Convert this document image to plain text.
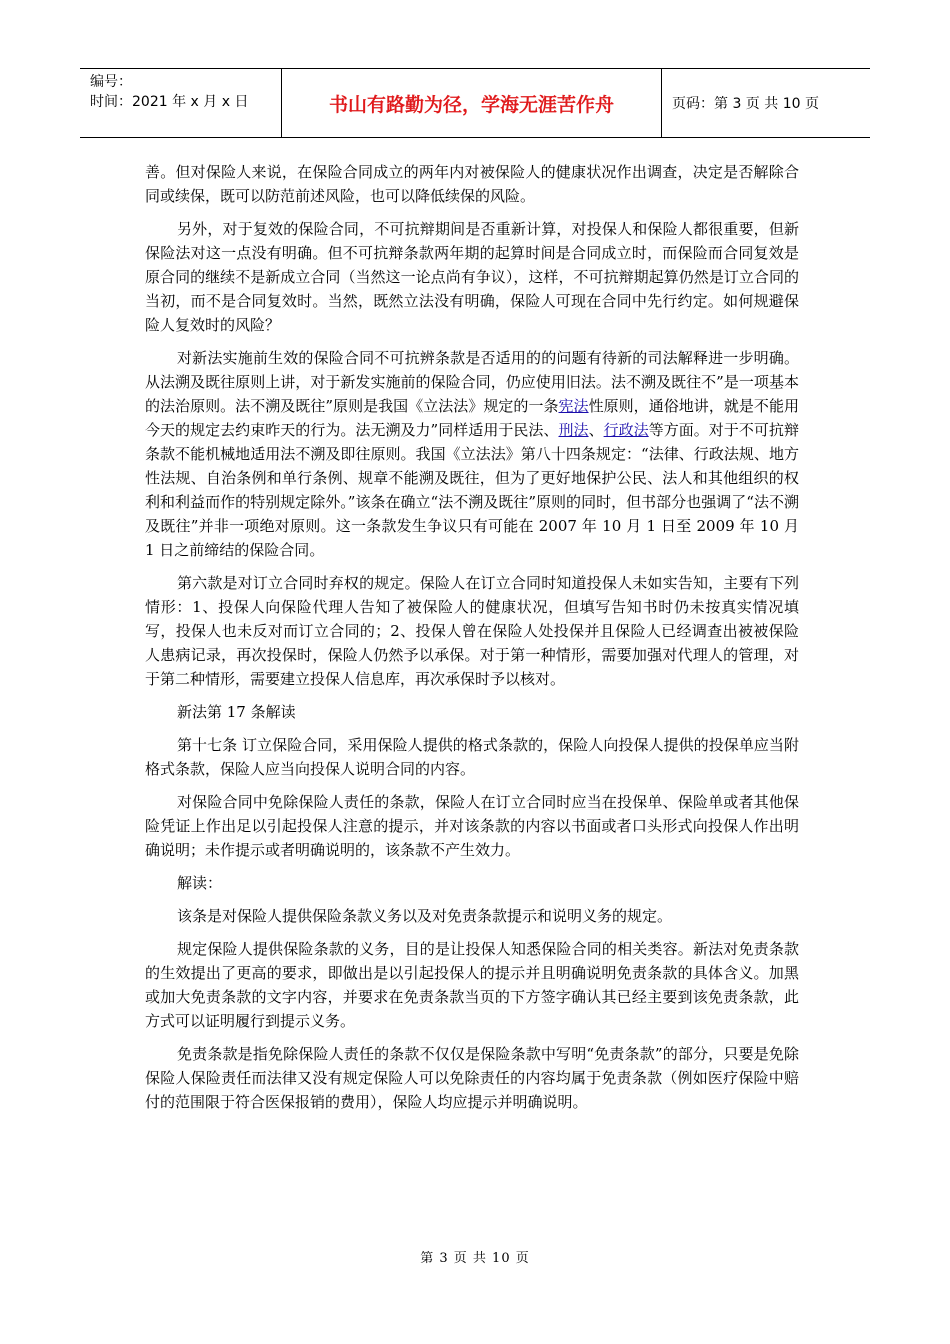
编号：
时间：2021 年 x 月 x 日	书山有路勤为径，学海无涯苦作舟	页码：第 3 页 共 10 页

善。但对保险人来说，在保险合同成立的两年内对被保险人的健康状况作出调查，决定是否解除合同或续保，既可以防范前述风险，也可以降低续保的风险。

另外，对于复效的保险合同，不可抗辩期间是否重新计算，对投保人和保险人都很重要，但新保险法对这一点没有明确。但不可抗辩条款两年期的起算时间是合同成立时，而保险而合同复效是原合同的继续不是新成立合同（当然这一论点尚有争议），这样，不可抗辩期起算仍然是订立合同的当初，而不是合同复效时。当然，既然立法没有明确，保险人可现在合同中先行约定。如何规避保险人复效时的风险？

对新法实施前生效的保险合同不可抗辨条款是否适用的的问题有待新的司法解释进一步明确。从法溯及既往原则上讲，对于新发实施前的保险合同，仍应使用旧法。法不溯及既往不”是一项基本的法治原则。法不溯及既往”原则是我国《立法法》规定的一条宪法性原则，通俗地讲，就是不能用今天的规定去约束昨天的行为。法无溯及力”同样适用于民法、刑法、行政法等方面。对于不可抗辩条款不能机械地适用法不溯及即往原则。我国《立法法》第八十四条规定：“法律、行政法规、地方性法规、自治条例和单行条例、规章不能溯及既往，但为了更好地保护公民、法人和其他组织的权利和利益而作的特别规定除外。”该条在确立“法不溯及既往”原则的同时，但书部分也强调了“法不溯及既往”并非一项绝对原则。这一条款发生争议只有可能在 2007 年 10 月 1 日至 2009 年 10 月 1 日之前缔结的保险合同。

第六款是对订立合同时弃权的规定。保险人在订立合同时知道投保人未如实告知，主要有下列情形：1、投保人向保险代理人告知了被保险人的健康状况，但填写告知书时仍未按真实情况填写，投保人也未反对而订立合同的；2、投保人曾在保险人处投保并且保险人已经调查出被被保险人患病记录，再次投保时，保险人仍然予以承保。对于第一种情形，需要加强对代理人的管理，对于第二种情形，需要建立投保人信息库，再次承保时予以核对。

新法第 17 条解读

第十七条 订立保险合同，采用保险人提供的格式条款的，保险人向投保人提供的投保单应当附格式条款，保险人应当向投保人说明合同的内容。

对保险合同中免除保险人责任的条款，保险人在订立合同时应当在投保单、保险单或者其他保险凭证上作出足以引起投保人注意的提示，并对该条款的内容以书面或者口头形式向投保人作出明确说明；未作提示或者明确说明的，该条款不产生效力。

解读：

该条是对保险人提供保险条款义务以及对免责条款提示和说明义务的规定。

规定保险人提供保险条款的义务，目的是让投保人知悉保险合同的相关类容。新法对免责条款的生效提出了更高的要求，即做出是以引起投保人的提示并且明确说明免责条款的具体含义。加黑或加大免责条款的文字内容，并要求在免责条款当页的下方签字确认其已经主要到该免责条款，此方式可以证明履行到提示义务。

免责条款是指免除保险人责任的条款不仅仅是保险条款中写明“免责条款”的部分，只要是免除保险人保险责任而法律又没有规定保险人可以免除责任的内容均属于免责条款（例如医疗保险中赔付的范围限于符合医保报销的费用），保险人均应提示并明确说明。

第 3 页 共 10 页
